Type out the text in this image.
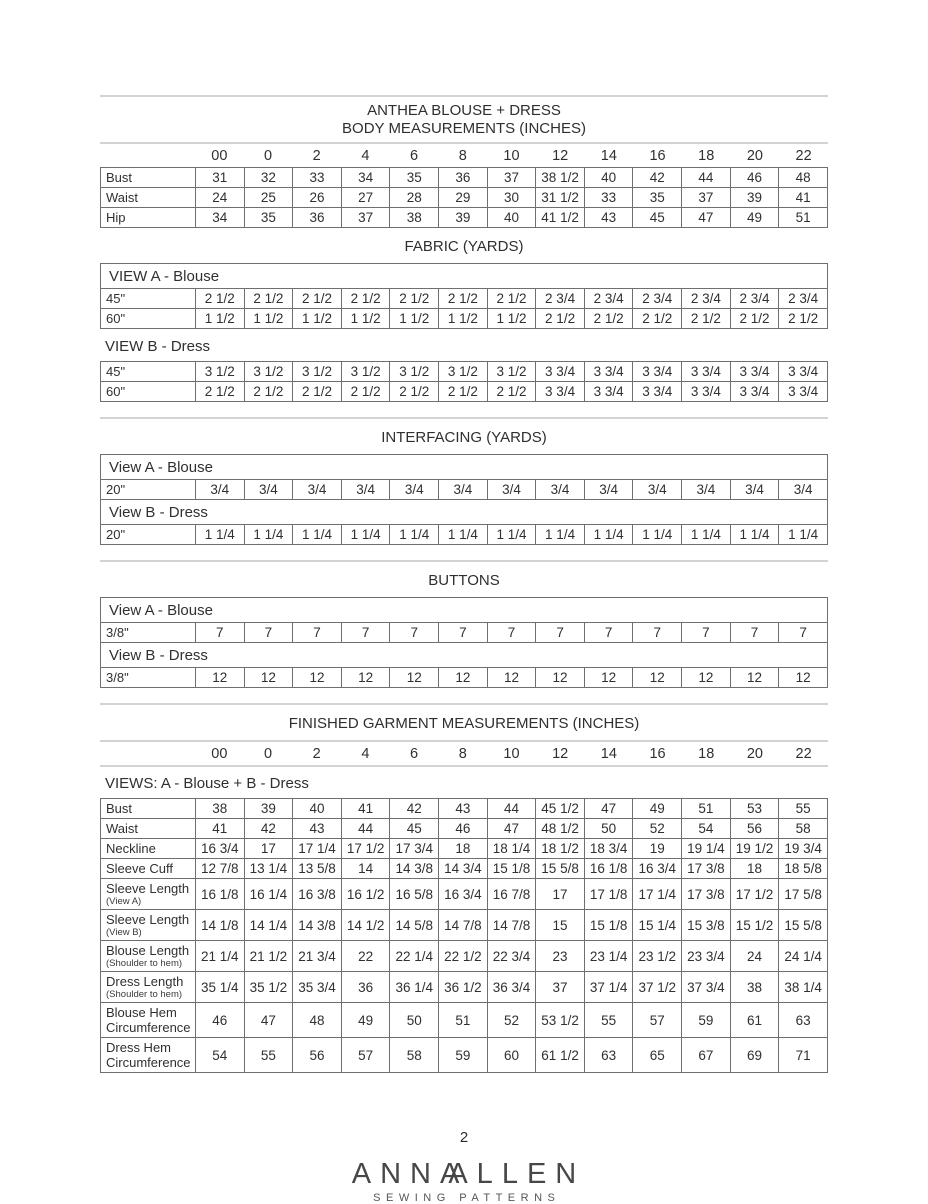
ANTHEA BLOUSE + DRESS
BODY MEASUREMENTS (INCHES)
00	0	2	4	6	8	10	12	14	16	18	20	22
Bust	31	32	33	34	35	36	37	38 1/2	40	42	44	46	48
Waist	24	25	26	27	28	29	30	31 1/2	33	35	37	39	41
Hip	34	35	36	37	38	39	40	41 1/2	43	45	47	49	51
FABRIC (YARDS)
VIEW A - Blouse													
45"	2 1/2	2 1/2	2 1/2	2 1/2	2 1/2	2 1/2	2 1/2	2 3/4	2 3/4	2 3/4	2 3/4	2 3/4	2 3/4
60"	1 1/2	1 1/2	1 1/2	1 1/2	1 1/2	1 1/2	1 1/2	2 1/2	2 1/2	2 1/2	2 1/2	2 1/2	2 1/2
VIEW B - Dress
45"	3 1/2	3 1/2	3 1/2	3 1/2	3 1/2	3 1/2	3 1/2	3 3/4	3 3/4	3 3/4	3 3/4	3 3/4	3 3/4
60"	2 1/2	2 1/2	2 1/2	2 1/2	2 1/2	2 1/2	2 1/2	3 3/4	3 3/4	3 3/4	3 3/4	3 3/4	3 3/4
INTERFACING (YARDS)
View A - Blouse													
20"	3/4	3/4	3/4	3/4	3/4	3/4	3/4	3/4	3/4	3/4	3/4	3/4	3/4
View B - Dress													
20"	1 1/4	1 1/4	1 1/4	1 1/4	1 1/4	1 1/4	1 1/4	1 1/4	1 1/4	1 1/4	1 1/4	1 1/4	1 1/4
BUTTONS
View A - Blouse													
3/8"	7	7	7	7	7	7	7	7	7	7	7	7	7
View B - Dress													
3/8"	12	12	12	12	12	12	12	12	12	12	12	12	12
FINISHED GARMENT MEASUREMENTS (INCHES)
00	0	2	4	6	8	10	12	14	16	18	20	22
VIEWS: A - Blouse + B - Dress
Bust	38	39	40	41	42	43	44	45 1/2	47	49	51	53	55
Waist	41	42	43	44	45	46	47	48 1/2	50	52	54	56	58
Neckline	16 3/4	17	17 1/4	17 1/2	17 3/4	18	18 1/4	18 1/2	18 3/4	19	19 1/4	19 1/2	19 3/4
Sleeve Cuff	12 7/8	13 1/4	13 5/8	14	14 3/8	14 3/4	15 1/8	15 5/8	16 1/8	16 3/4	17 3/8	18	18 5/8
Sleeve Length
(View A)	16 1/8	16 1/4	16 3/8	16 1/2	16 5/8	16 3/4	16 7/8	17	17 1/8	17 1/4	17 3/8	17 1/2	17 5/8
Sleeve Length
(View B)	14 1/8	14 1/4	14 3/8	14 1/2	14 5/8	14 7/8	14 7/8	15	15 1/8	15 1/4	15 3/8	15 1/2	15 5/8
Blouse Length
(Shoulder to hem)	21 1/4	21 1/2	21 3/4	22	22 1/4	22 1/2	22 3/4	23	23 1/4	23 1/2	23 3/4	24	24 1/4
Dress Length
(Shoulder to hem)	35 1/4	35 1/2	35 3/4	36	36 1/4	36 1/2	36 3/4	37	37 1/4	37 1/2	37 3/4	38	38 1/4
Blouse Hem Circumference	46	47	48	49	50	51	52	53 1/2	55	57	59	61	63
Dress Hem Circumference	54	55	56	57	58	59	60	61 1/2	63	65	67	69	71
2
ANNAALLEN
SEWING PATTERNS
